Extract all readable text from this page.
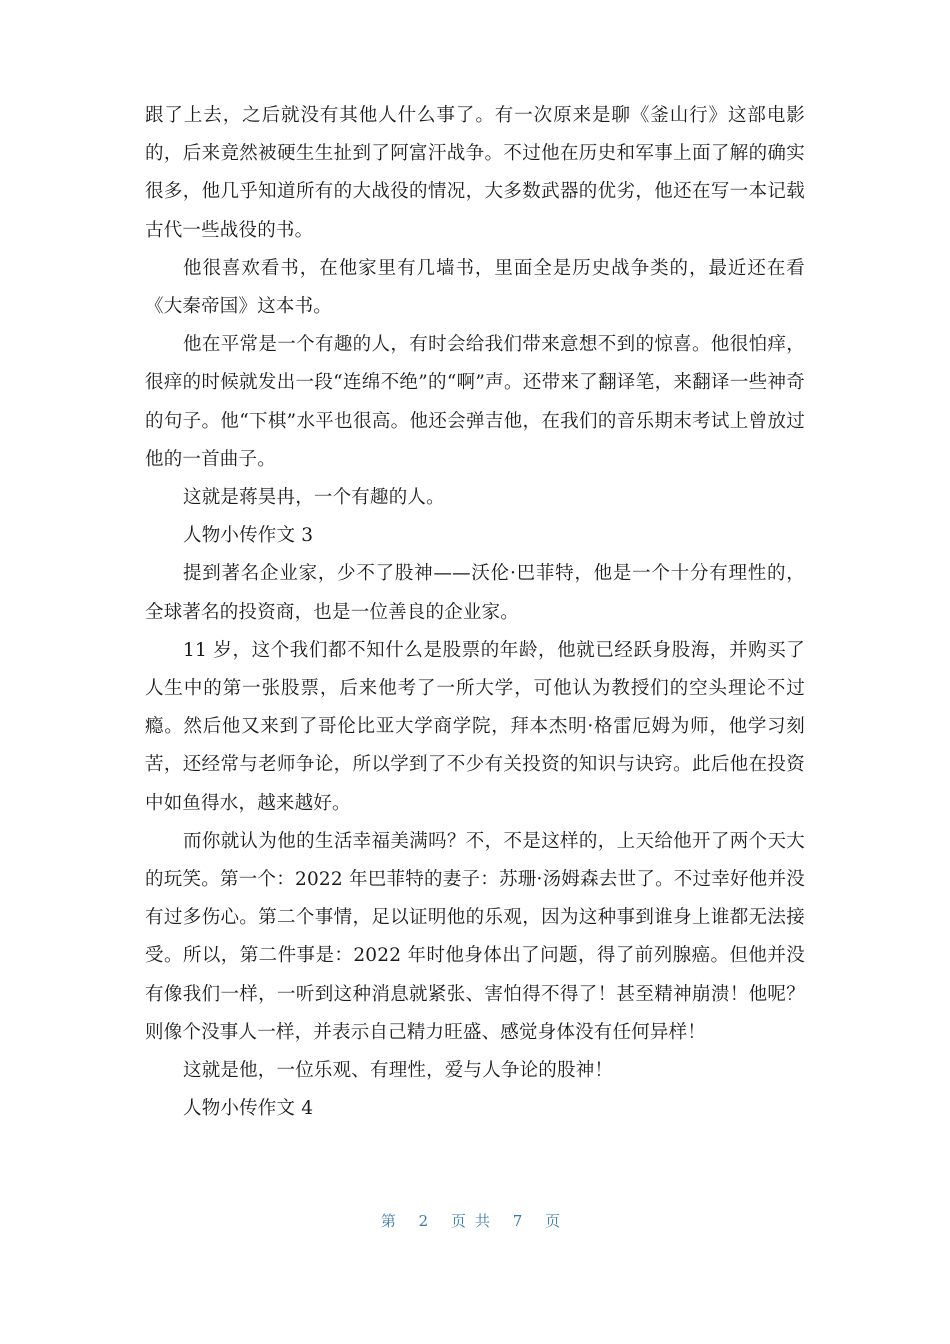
跟了上去，之后就没有其他人什么事了。有一次原来是聊《釜山行》这部电影的，后来竟然被硬生生扯到了阿富汗战争。不过他在历史和军事上面了解的确实很多，他几乎知道所有的大战役的情况，大多数武器的优劣，他还在写一本记载古代一些战役的书。

他很喜欢看书，在他家里有几墙书，里面全是历史战争类的，最近还在看《大秦帝国》这本书。

他在平常是一个有趣的人，有时会给我们带来意想不到的惊喜。他很怕痒，很痒的时候就发出一段“连绵不绝”的“啊”声。还带来了翻译笔，来翻译一些神奇的句子。他“下棋”水平也很高。他还会弹吉他，在我们的音乐期末考试上曾放过他的一首曲子。

这就是蒋昊冉，一个有趣的人。

人物小传作文 3

提到著名企业家，少不了股神——沃伦·巴菲特，他是一个十分有理性的，全球著名的投资商，也是一位善良的企业家。

11 岁，这个我们都不知什么是股票的年龄，他就已经跃身股海，并购买了人生中的第一张股票，后来他考了一所大学，可他认为教授们的空头理论不过瘾。然后他又来到了哥伦比亚大学商学院，拜本杰明·格雷厄姆为师，他学习刻苦，还经常与老师争论，所以学到了不少有关投资的知识与诀窍。此后他在投资中如鱼得水，越来越好。

而你就认为他的生活幸福美满吗？不，不是这样的，上天给他开了两个天大的玩笑。第一个：2022 年巴菲特的妻子：苏珊·汤姆森去世了。不过幸好他并没有过多伤心。第二个事情，足以证明他的乐观，因为这种事到谁身上谁都无法接受。所以，第二件事是：2022 年时他身体出了问题，得了前列腺癌。但他并没有像我们一样，一听到这种消息就紧张、害怕得不得了！甚至精神崩溃！他呢？则像个没事人一样，并表示自己精力旺盛、感觉身体没有任何异样！

这就是他，一位乐观、有理性，爱与人争论的股神！

人物小传作文 4

第 2 页共 7 页
